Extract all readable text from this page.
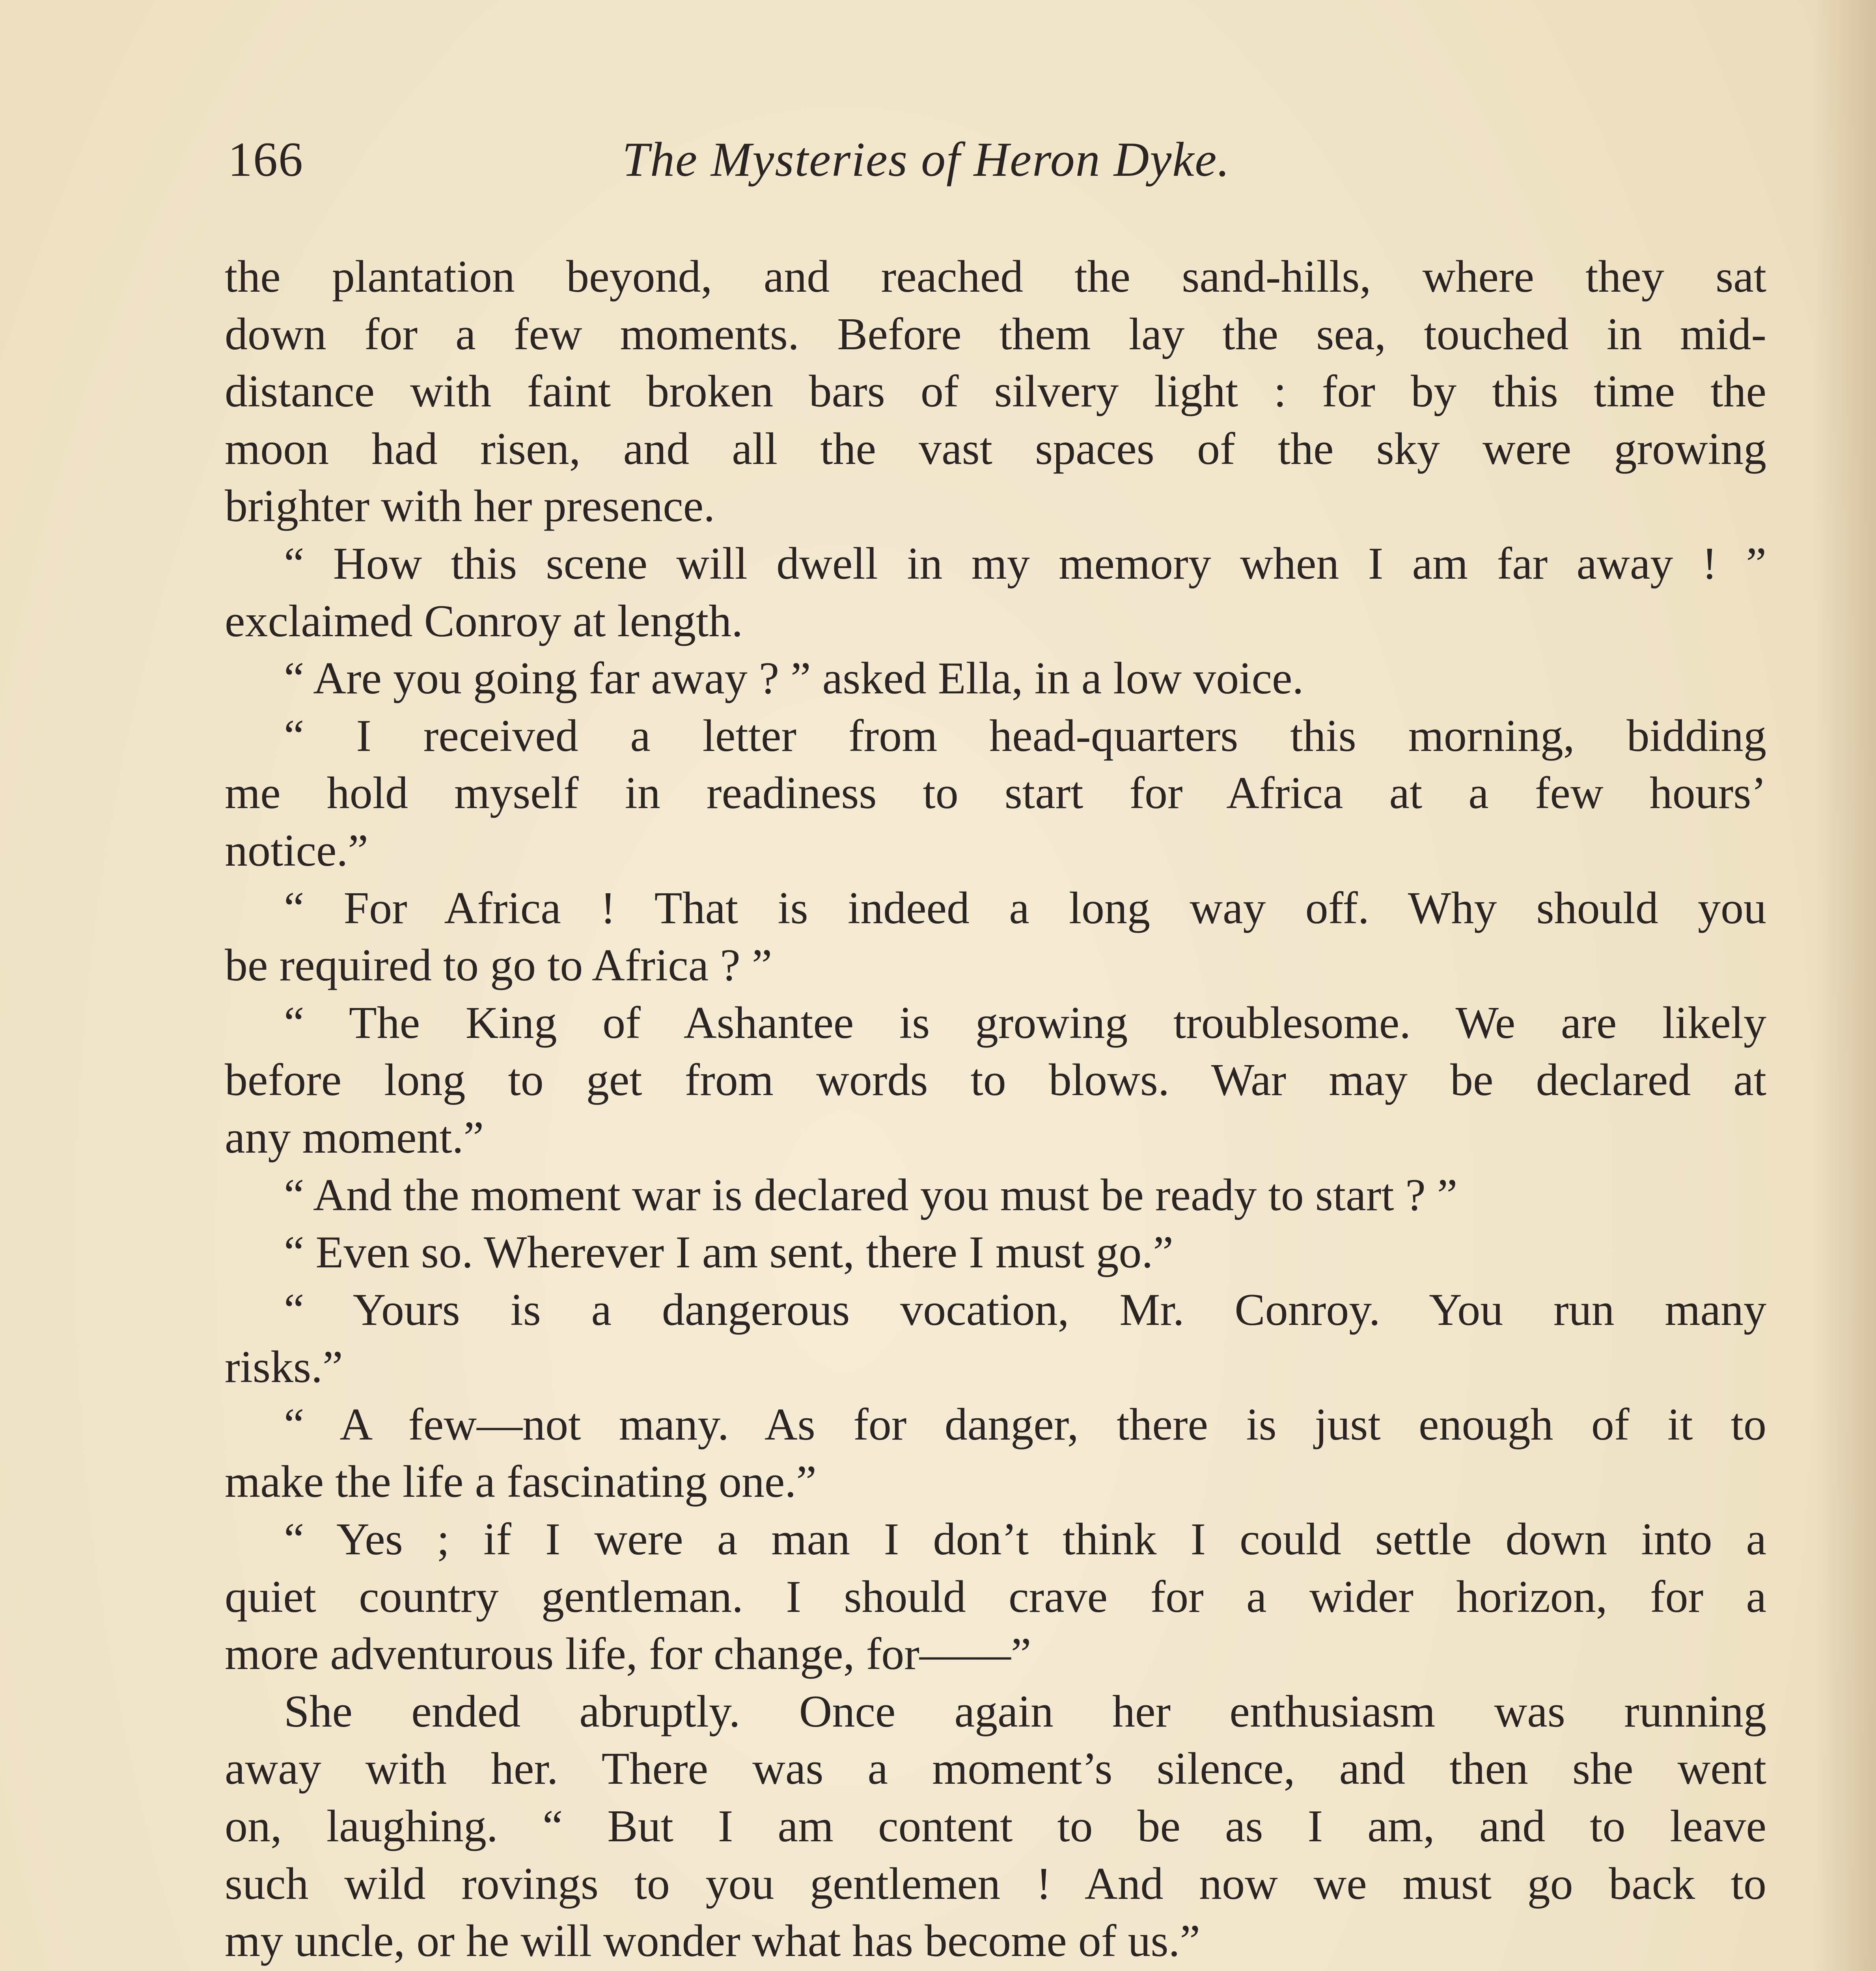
166	The Mysteries of Heron Dyke.
the plantation beyond, and reached the sand-hills, where they sat
down for a few moments. Before them lay the sea, touched in mid-
distance with faint broken bars of silvery light : for by this time the
moon had risen, and all the vast spaces of the sky were growing
brighter with her presence.
“ How this scene will dwell in my memory when I am far away ! ”
exclaimed Conroy at length.
“ Are you going far away ? ” asked Ella, in a low voice.
“ I received a letter from head-quarters this morning, bidding
me hold myself in readiness to start for Africa at a few hours’
notice.”
“ For Africa ! That is indeed a long way off. Why should you
be required to go to Africa ? ”
“ The King of Ashantee is growing troublesome. We are likely
before long to get from words to blows. War may be declared at
any moment.”
“ And the moment war is declared you must be ready to start ? ”
“ Even so. Wherever I am sent, there I must go.”
“ Yours is a dangerous vocation, Mr. Conroy. You run many
risks.”
“ A few—not many. As for danger, there is just enough of it to
make the life a fascinating one.”
“ Yes ; if I were a man I don’t think I could settle down into a
quiet country gentleman. I should crave for a wider horizon, for a
more adventurous life, for change, for——”
She ended abruptly. Once again her enthusiasm was running
away with her. There was a moment’s silence, and then she went
on, laughing. “ But I am content to be as I am, and to leave
such wild rovings to you gentlemen ! And now we must go back to
my uncle, or he will wonder what has become of us.”
